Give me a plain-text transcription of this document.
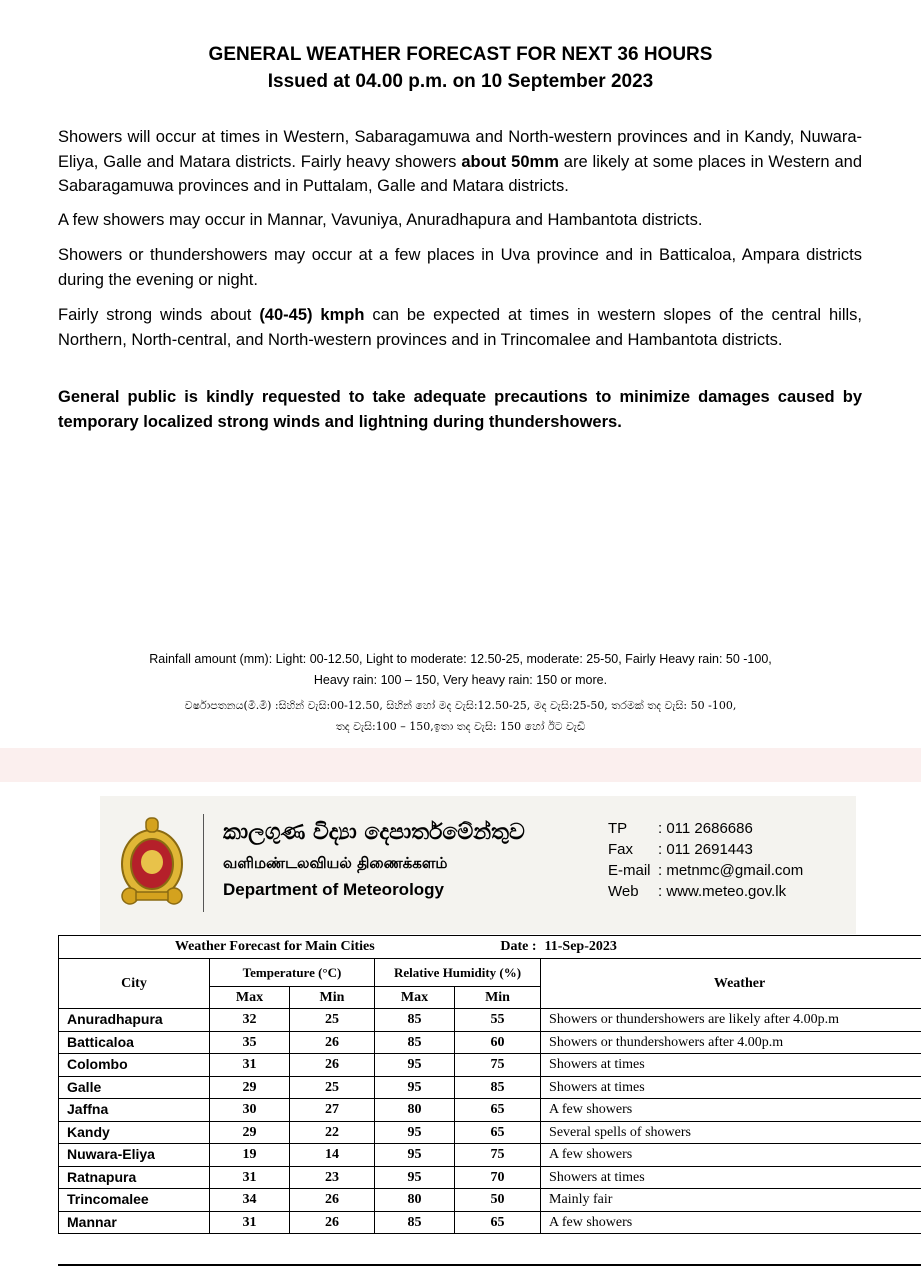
GENERAL WEATHER FORECAST FOR NEXT 36 HOURS
Issued at 04.00 p.m. on 10 September 2023

Showers will occur at times in Western, Sabaragamuwa and North-western provinces and in Kandy, Nuwara-Eliya, Galle and Matara districts. Fairly heavy showers about 50mm are likely at some places in Western and Sabaragamuwa provinces and in Puttalam, Galle and Matara districts.

A few showers may occur in Mannar, Vavuniya, Anuradhapura and Hambantota districts.

Showers or thundershowers may occur at a few places in Uva province and in Batticaloa, Ampara districts during the evening or night.

Fairly strong winds about (40-45) kmph can be expected at times in western slopes of the central hills, Northern, North-central, and North-western provinces and in Trincomalee and Hambantota districts.

General public is kindly requested to take adequate precautions to minimize damages caused by temporary localized strong winds and lightning during thundershowers.

Rainfall amount (mm): Light: 00-12.50, Light to moderate: 12.50-25, moderate: 25-50, Fairly Heavy rain: 50 -100,
Heavy rain: 100 – 150, Very heavy rain: 150 or more.
වර්ෂාපතනය(මි.මී) :සිහින් වැසි:00-12.50, සිහින් හෝ මද වැසි:12.50-25, මද වැසි:25-50, තරමක් තද වැසි: 50 -100,
තද වැසි:100 – 150,ඉතා තද වැසි: 150 හෝ ඊට වැඩි
කාලගුණ විද්‍යා දෙපාර්තමේන්තුව
வளிமண்டலவியல் திணைக்களம்
Department of Meteorology
TP	: 011 2686686
Fax	: 011 2691443
E-mail : metnmc@gmail.com
Web	: www.meteo.gov.lk
Weather Forecast for Main Cities				Date :	11-Sep-2023
City	Temperature (°C)		Relative Humidity (%)		Weather
	Max	Min	Max	Min	
Anuradhapura	32	25	85	55	Showers or thundershowers are likely after 4.00p.m
Batticaloa	35	26	85	60	Showers or thundershowers after 4.00p.m
Colombo	31	26	95	75	Showers at times
Galle	29	25	95	85	Showers at times
Jaffna	30	27	80	65	A few showers
Kandy	29	22	95	65	Several spells of showers
Nuwara-Eliya	19	14	95	75	A few showers
Ratnapura	31	23	95	70	Showers at times
Trincomalee	34	26	80	50	Mainly fair
Mannar	31	26	85	65	A few showers
